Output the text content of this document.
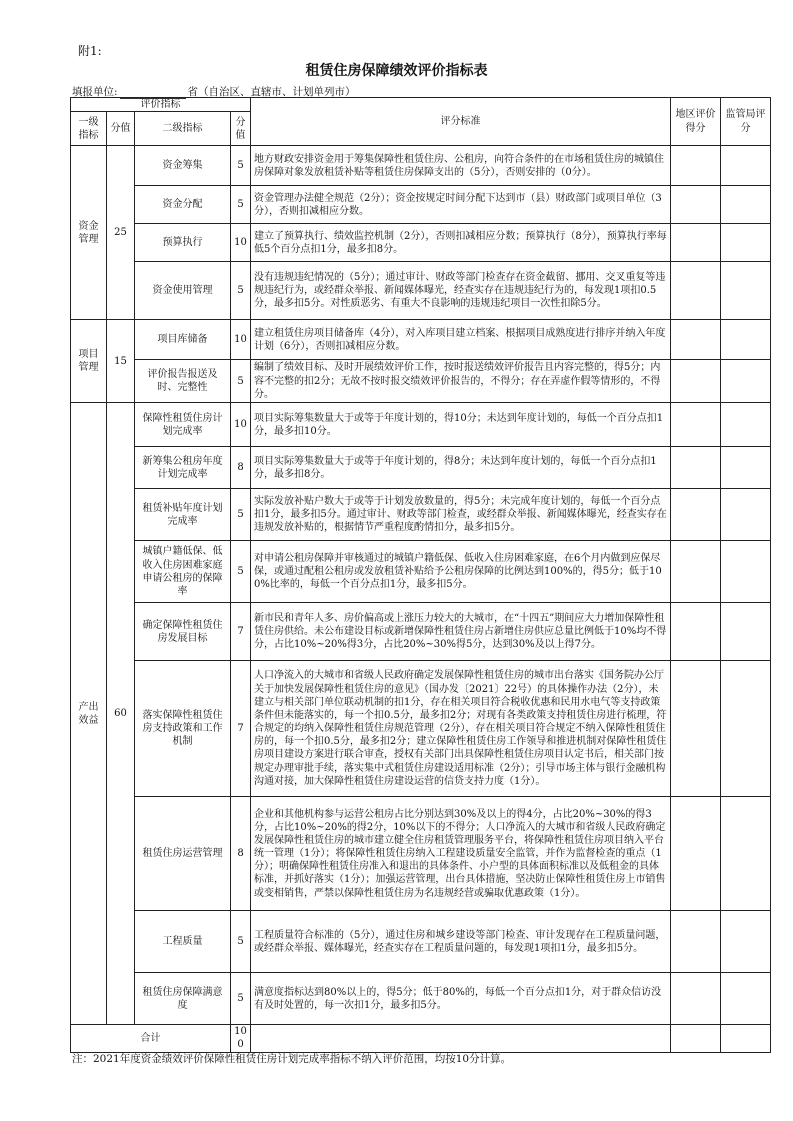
附1:
租赁住房保障绩效评价指标表
填报单位:	省（自治区、直辖市、计划单列市）
评价指标				评分标准	地区评价得分	监管局评分
一级指标	分值	二级指标	分值			
资金管理	25	资金筹集	5	地方财政安排资金用于筹集保障性租赁住房、公租房，向符合条件的在市场租赁住房的城镇住房保障对象发放租赁补贴等租赁住房保障支出的（5分），否则安排的（0分）。		
		资金分配	5	资金管理办法健全规范（2分）；资金按规定时间分配下达到市（县）财政部门或项目单位（3分），否则扣减相应分数。		
		预算执行	10	建立了预算执行、绩效监控机制（2分），否则扣减相应分数；预算执行（8分），预算执行率每低5个百分点扣1分，最多扣8分。		
		资金使用管理	5	没有违规违纪情况的（5分）；通过审计、财政等部门检查存在资金截留、挪用、交叉重复等违规违纪行为，或经群众举报、新闻媒体曝光，经查实存在违规违纪行为的，每发现1项扣0.5分，最多扣5分。对性质恶劣、有重大不良影响的违规违纪项目一次性扣除5分。		
项目管理	15	项目库储备	10	建立租赁住房项目储备库（4分），对入库项目建立档案、根据项目成熟度进行排序并纳入年度计划（6分），否则扣减相应分数。		
		评价报告报送及时、完整性	5	编制了绩效目标、及时开展绩效评价工作，按时报送绩效评价报告且内容完整的，得5分；内容不完整的扣2分；无故不按时报交绩效评价报告的，不得分；存在弄虚作假等情形的，不得分。		
产出效益	60	保障性租赁住房计划完成率	10	项目实际筹集数量大于或等于年度计划的，得10分；未达到年度计划的，每低一个百分点扣1分，最多扣10分。		
		新筹集公租房年度计划完成率	8	项目实际筹集数量大于或等于年度计划的，得8分；未达到年度计划的，每低一个百分点扣1分，最多扣8分。		
		租赁补贴年度计划完成率	5	实际发放补贴户数大于或等于计划发放数量的，得5分；未完成年度计划的，每低一个百分点扣1分，最多扣5分。通过审计、财政等部门检查，或经群众举报、新闻媒体曝光，经查实存在违规发放补贴的，根据情节严重程度酌情扣分，最多扣5分。		
		城镇户籍低保、低收入住房困难家庭申请公租房的保障率	5	对申请公租房保障并审核通过的城镇户籍低保、低收入住房困难家庭，在6个月内做到应保尽保，或通过配租公租房或发放租赁补贴给予公租房保障的比例达到100%的，得5分；低于100%比率的，每低一个百分点扣1分，最多扣5分。		
		确定保障性租赁住房发展目标	7	新市民和青年人多、房价偏高或上涨压力较大的大城市，在“十四五”期间应大力增加保障性租赁住房供给。未公布建设目标或新增保障性租赁住房占新增住房供应总量比例低于10%均不得分，占比10%~20%得3分，占比20%~30%得5分，达到30%及以上得7分。		
		落实保障性租赁住房支持政策和工作机制	7	人口净流入的大城市和省级人民政府确定发展保障性租赁住房的城市出台落实《国务院办公厅关于加快发展保障性租赁住房的意见》（国办发〔2021〕22号）的具体操作办法（2分），未建立与相关部门单位联动机制的扣1分，存在相关项目符合税收优惠和民用水电气等支持政策条件但未能落实的，每一个扣0.5分，最多扣2分；对现有各类政策支持租赁住房进行梳理，符合规定的均纳入保障性租赁住房规范管理（2分），存在相关项目符合规定不纳入保障性租赁住房的，每一个扣0.5分，最多扣2分；建立保障性租赁住房工作领导和推进机制对保障性租赁住房项目建设方案进行联合审查，授权有关部门出具保障性租赁住房项目认定书后，相关部门按规定办理审批手续，落实集中式租赁住房建设适用标准（2分）；引导市场主体与银行金融机构沟通对接，加大保障性租赁住房建设运营的信贷支持力度（1分）。		
		租赁住房运营管理	8	企业和其他机构参与运营公租房占比分别达到30%及以上的得4分，占比20%~30%的得3分，占比10%~20%的得2分，10%以下的不得分；人口净流入的大城市和省级人民政府确定发展保障性租赁住房的城市建立健全住房租赁管理服务平台，将保障性租赁住房项目纳入平台统一管理（1分）；将保障性租赁住房纳入工程建设质量安全监管，并作为监督检查的重点（1分）；明确保障性租赁住房准入和退出的具体条件、小户型的具体面积标准以及低租金的具体标准，并抓好落实（1分）；加强运营管理，出台具体措施，坚决防止保障性租赁住房上市销售或变相销售，严禁以保障性租赁住房为名违规经营或骗取优惠政策（1分）。		
		工程质量	5	工程质量符合标准的（5分），通过住房和城乡建设等部门检查、审计发现存在工程质量问题，或经群众举报、媒体曝光，经查实存在工程质量问题的，每发现1项扣1分，最多扣5分。		
		租赁住房保障满意度	5	满意度指标达到80%以上的，得5分；低于80%的，每低一个百分点扣1分，对于群众信访没有及时处置的，每一次扣1分，最多扣5分。		
合计			100			
注：2021年度资金绩效评价保障性租赁住房计划完成率指标不纳入评价范围，均按10分计算。
